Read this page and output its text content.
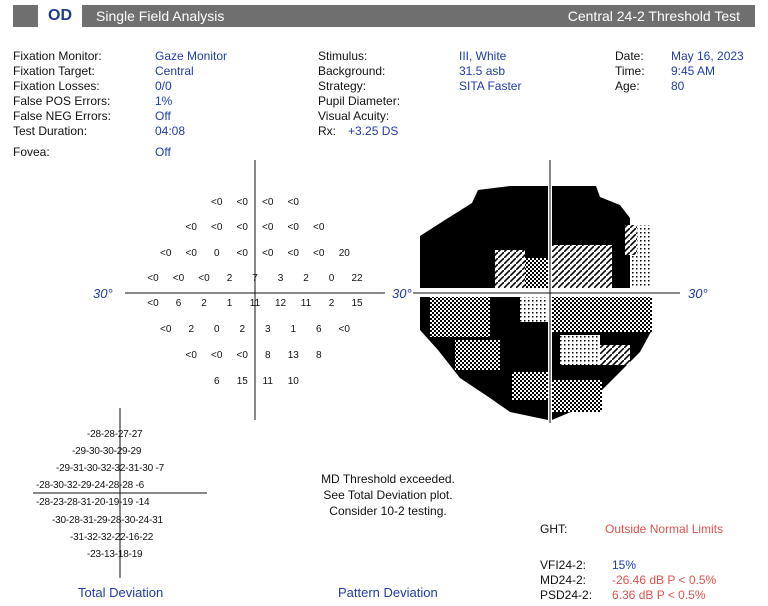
OD	Single Field Analysis	Central 24-2 Threshold Test
Fixation Monitor:	Gaze Monitor
Fixation Target:	Central
Fixation Losses:	0/0
False POS Errors:	1%
False NEG Errors:	Off
Test Duration:	04:08
Fovea:	Off
Stimulus:	III, White
Background:	31.5 asb
Strategy:	SITA Faster
Pupil Diameter:
Visual Acuity:
Rx: +3.25 DS
Date: May 16, 2023
Time: 9:45 AM
Age:	80
30°
<0	<0	<0	<0
<0	<0	<0	<0	<0	<0
<0	<0	0	<0	<0	<0	<0	20
<0	<0	<0	2	7	3	2	0	22
<0	6	2	1	11	12	11	2	15
<0	2	0	2	3	1	6	<0
<0	<0	<0	8	13	8
6	15	11	10
30°	30°
-28-28-27-27
-29-30-30-29-29
-29-31-30-32-32-31-30 -7
-28-30-32-29-24-28-28 -6
-28-23-28-31-20-19-19 -14
-30-28-31-29-28-30-24-31
-31-32-32-22-16-22
-23-13-18-19
MD Threshold exceeded.
See Total Deviation plot.
Consider 10-2 testing.
GHT:	Outside Normal Limits
VFI24-2: 15%
MD24-2: -26.46 dB P < 0.5%
PSD24-2: 6.36 dB P < 0.5%
Total Deviation	Pattern Deviation
